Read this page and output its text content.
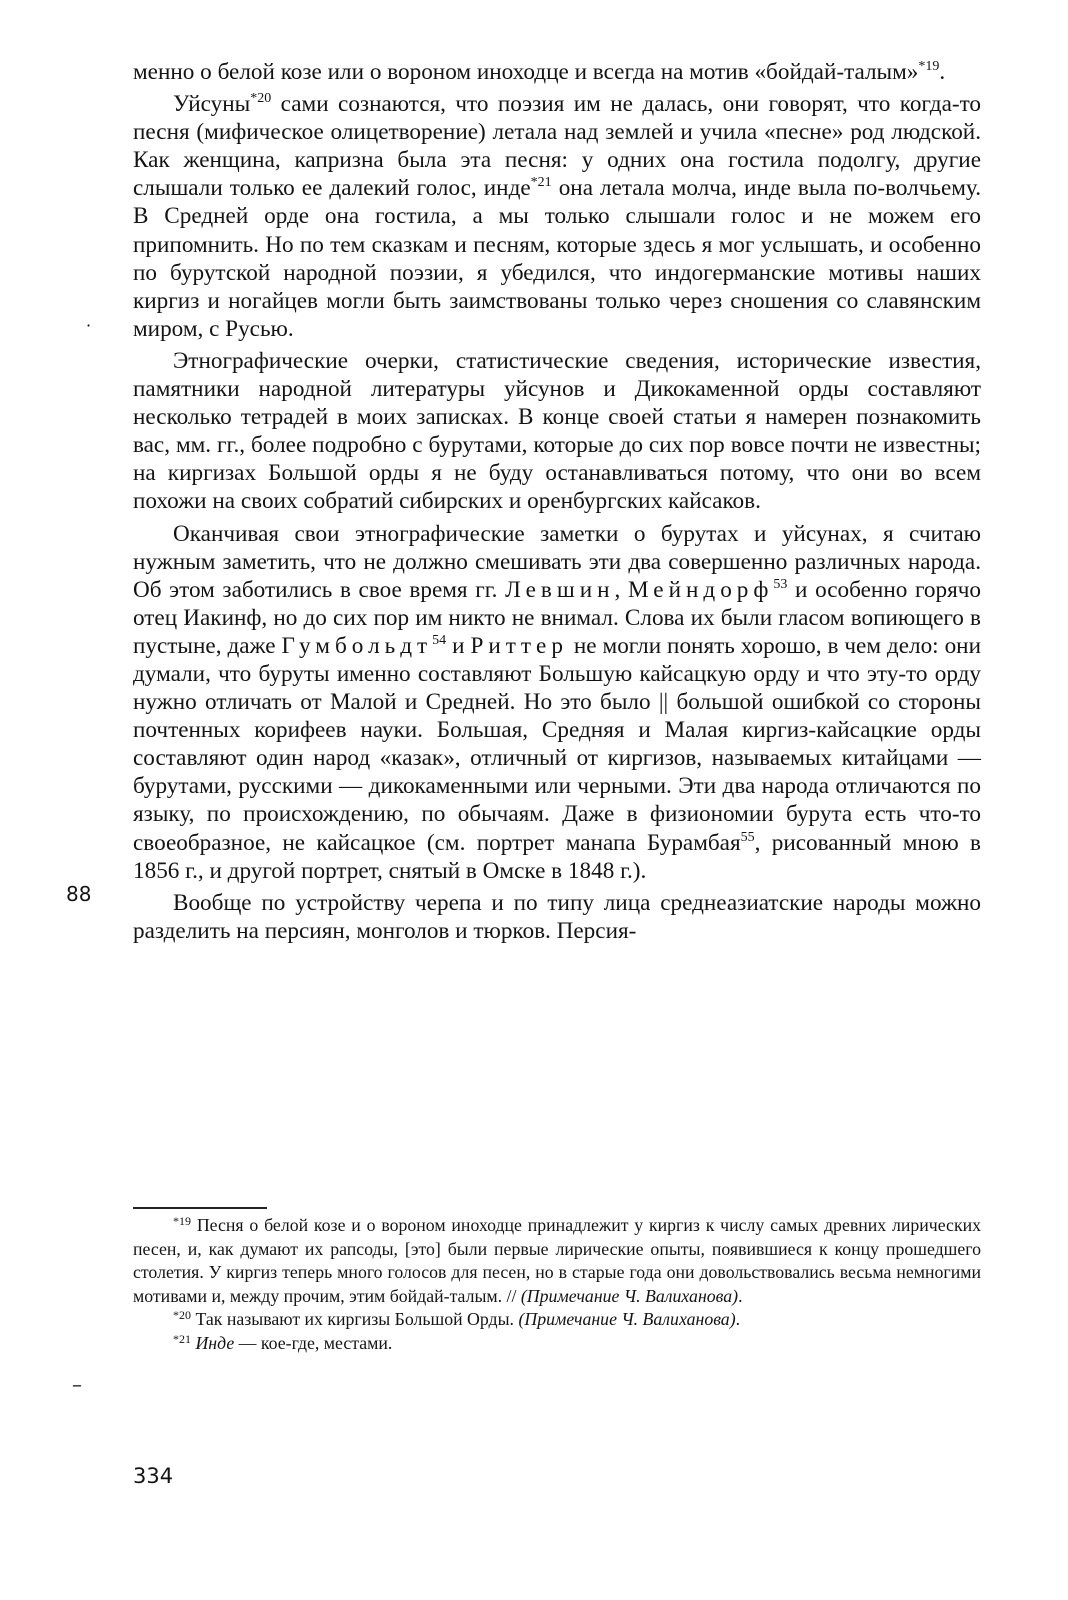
менно о белой козе или о вороном иноходце и всегда на мотив «бойдай-талым»$^{*19}$.

Уйсуны$^{*20}$ сами сознаются, что поэзия им не далась, они говорят, что когда-то песня (мифическое олицетворение) летала над землей и учила «песне» род людской. Как женщина, капризна была эта песня: у одних она гостила подолгу, другие слышали только ее далекий голос, инде$^{*21}$ она летала молча, инде выла по-волчьему. В Средней орде она гостила, а мы только слышали голос и не можем его припомнить. Но по тем сказкам и песням, которые здесь я мог услышать, и особенно по бурутской народной поэзии, я убедился, что индогерманские мотивы наших киргиз и ногайцев могли быть заимствованы только через сношения со славянским миром, с Русью.

Этнографические очерки, статистические сведения, исторические известия, памятники народной литературы уйсунов и Дикокаменной орды составляют несколько тетрадей в моих записках. В конце своей статьи я намерен познакомить вас, мм. гг., более подробно с бурутами, которые до сих пор вовсе почти не известны; на киргизах Большой орды я не буду останавливаться потому, что они во всем похожи на своих собратий сибирских и оренбургских кайсаков.

Оканчивая свои этнографические заметки о бурутах и уйсунах, я считаю нужным заметить, что не должно смешивать эти два совершенно различных народа. Об этом заботились в свое время гг. Левшин, Мейндорф$^{53}$ и особенно горячо отец Иакинф, но до сих пор им никто не внимал. Слова их были гласом вопиющего в пустыне, даже Гумбольдт$^{54}$ и Риттер не могли понять хорошо, в чем дело: они думали, что буруты именно составляют Большую кайсацкую орду и что эту-то орду нужно отличать от Малой и Средней. Но это было || большой ошибкой со стороны почтенных корифеев науки. Большая, Средняя и Малая киргиз-кайсацкие орды составляют один народ «казак», отличный от киргизов, называемых китайцами — бурутами, русскими — дикокаменными или черными. Эти два народа отличаются по языку, по происхождению, по обычаям. Даже в физиономии бурута есть что-то своеобразное, не кайсацкое (см. портрет манапа Бурамбая$^{55}$, рисованный мною в 1856 г., и другой портрет, снятый в Омске в 1848 г.).

Вообще по устройству черепа и по типу лица среднеазиатские народы можно разделить на персиян, монголов и тюрков. Персия-

·
88
–

$^{*19}$ Песня о белой козе и о вороном иноходце принадлежит у киргиз к числу самых древних лирических песен, и, как думают их рапсоды, [это] были первые лирические опыты, появившиеся к концу прошедшего столетия. У киргиз теперь много голосов для песен, но в старые года они довольствовались весьма немногими мотивами и, между прочим, этим бойдай-талым. // (Примечание Ч. Валиханова).

$^{*20}$ Так называют их киргизы Большой Орды. (Примечание Ч. Валиханова).

$^{*21}$ Инде — кое-где, местами.

334
